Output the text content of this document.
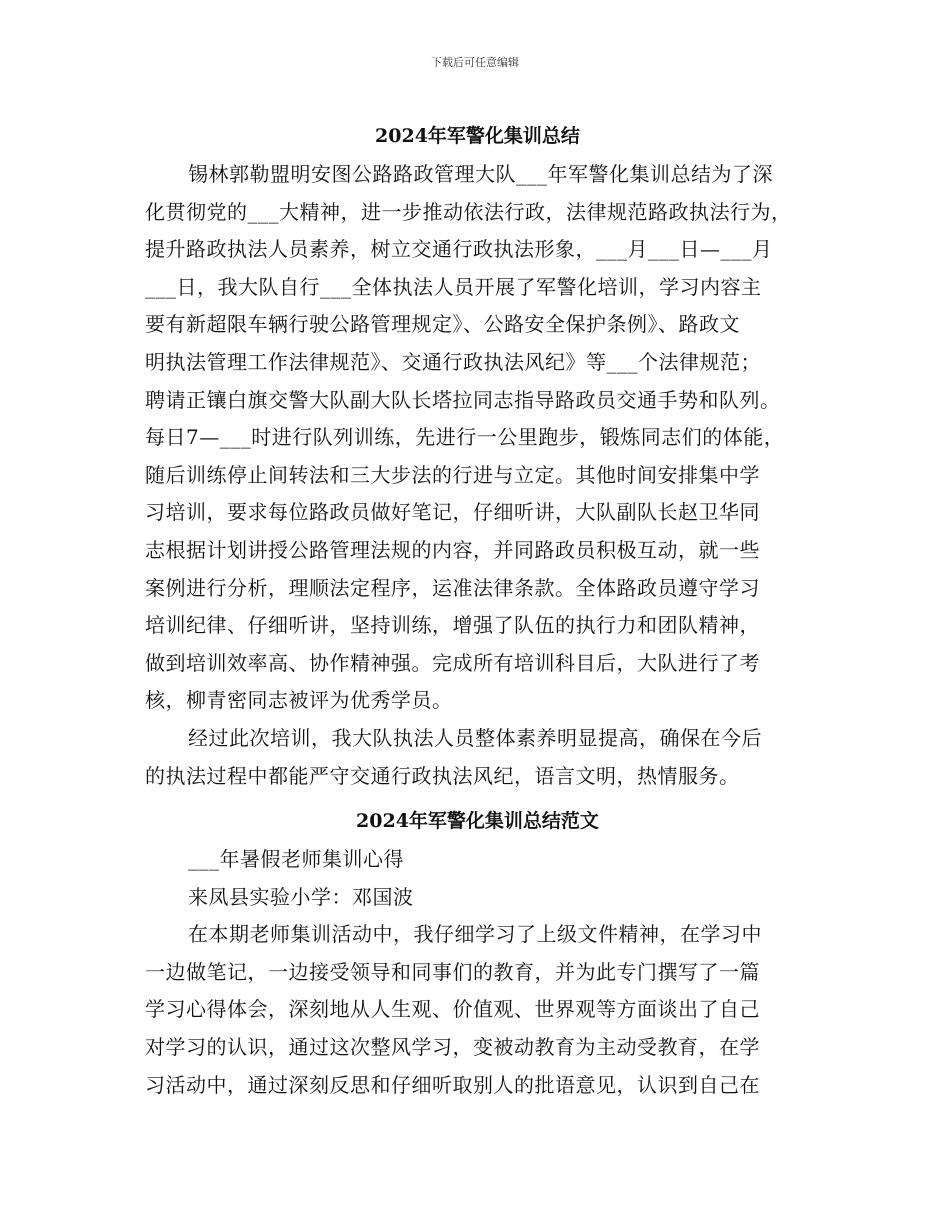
下载后可任意编辑
2024年军警化集训总结
锡林郭勒盟明安图公路路政管理大队___年军警化集训总结为了深
化贯彻党的___大精神，进一步推动依法行政，法律规范路政执法行为，
提升路政执法人员素养，树立交通行政执法形象，___月___日—___月
___日，我大队自行___全体执法人员开展了军警化培训，学习内容主
要有新超限车辆行驶公路管理规定》、公路安全保护条例》、路政文
明执法管理工作法律规范》、交通行政执法风纪》等___个法律规范；
聘请正镶白旗交警大队副大队长塔拉同志指导路政员交通手势和队列。
每日7—___时进行队列训练，先进行一公里跑步，锻炼同志们的体能，
随后训练停止间转法和三大步法的行进与立定。其他时间安排集中学
习培训，要求每位路政员做好笔记，仔细听讲，大队副队长赵卫华同
志根据计划讲授公路管理法规的内容，并同路政员积极互动，就一些
案例进行分析，理顺法定程序，运准法律条款。全体路政员遵守学习
培训纪律、仔细听讲，坚持训练，增强了队伍的执行力和团队精神，
做到培训效率高、协作精神强。完成所有培训科目后，大队进行了考
核，柳青密同志被评为优秀学员。
经过此次培训，我大队执法人员整体素养明显提高，确保在今后
的执法过程中都能严守交通行政执法风纪，语言文明，热情服务。
2024年军警化集训总结范文
___年暑假老师集训心得
来凤县实验小学：邓国波
在本期老师集训活动中，我仔细学习了上级文件精神，在学习中
一边做笔记，一边接受领导和同事们的教育，并为此专门撰写了一篇
学习心得体会，深刻地从人生观、价值观、世界观等方面谈出了自己
对学习的认识，通过这次整风学习，变被动教育为主动受教育，在学
习活动中，通过深刻反思和仔细听取别人的批语意见，认识到自己在
